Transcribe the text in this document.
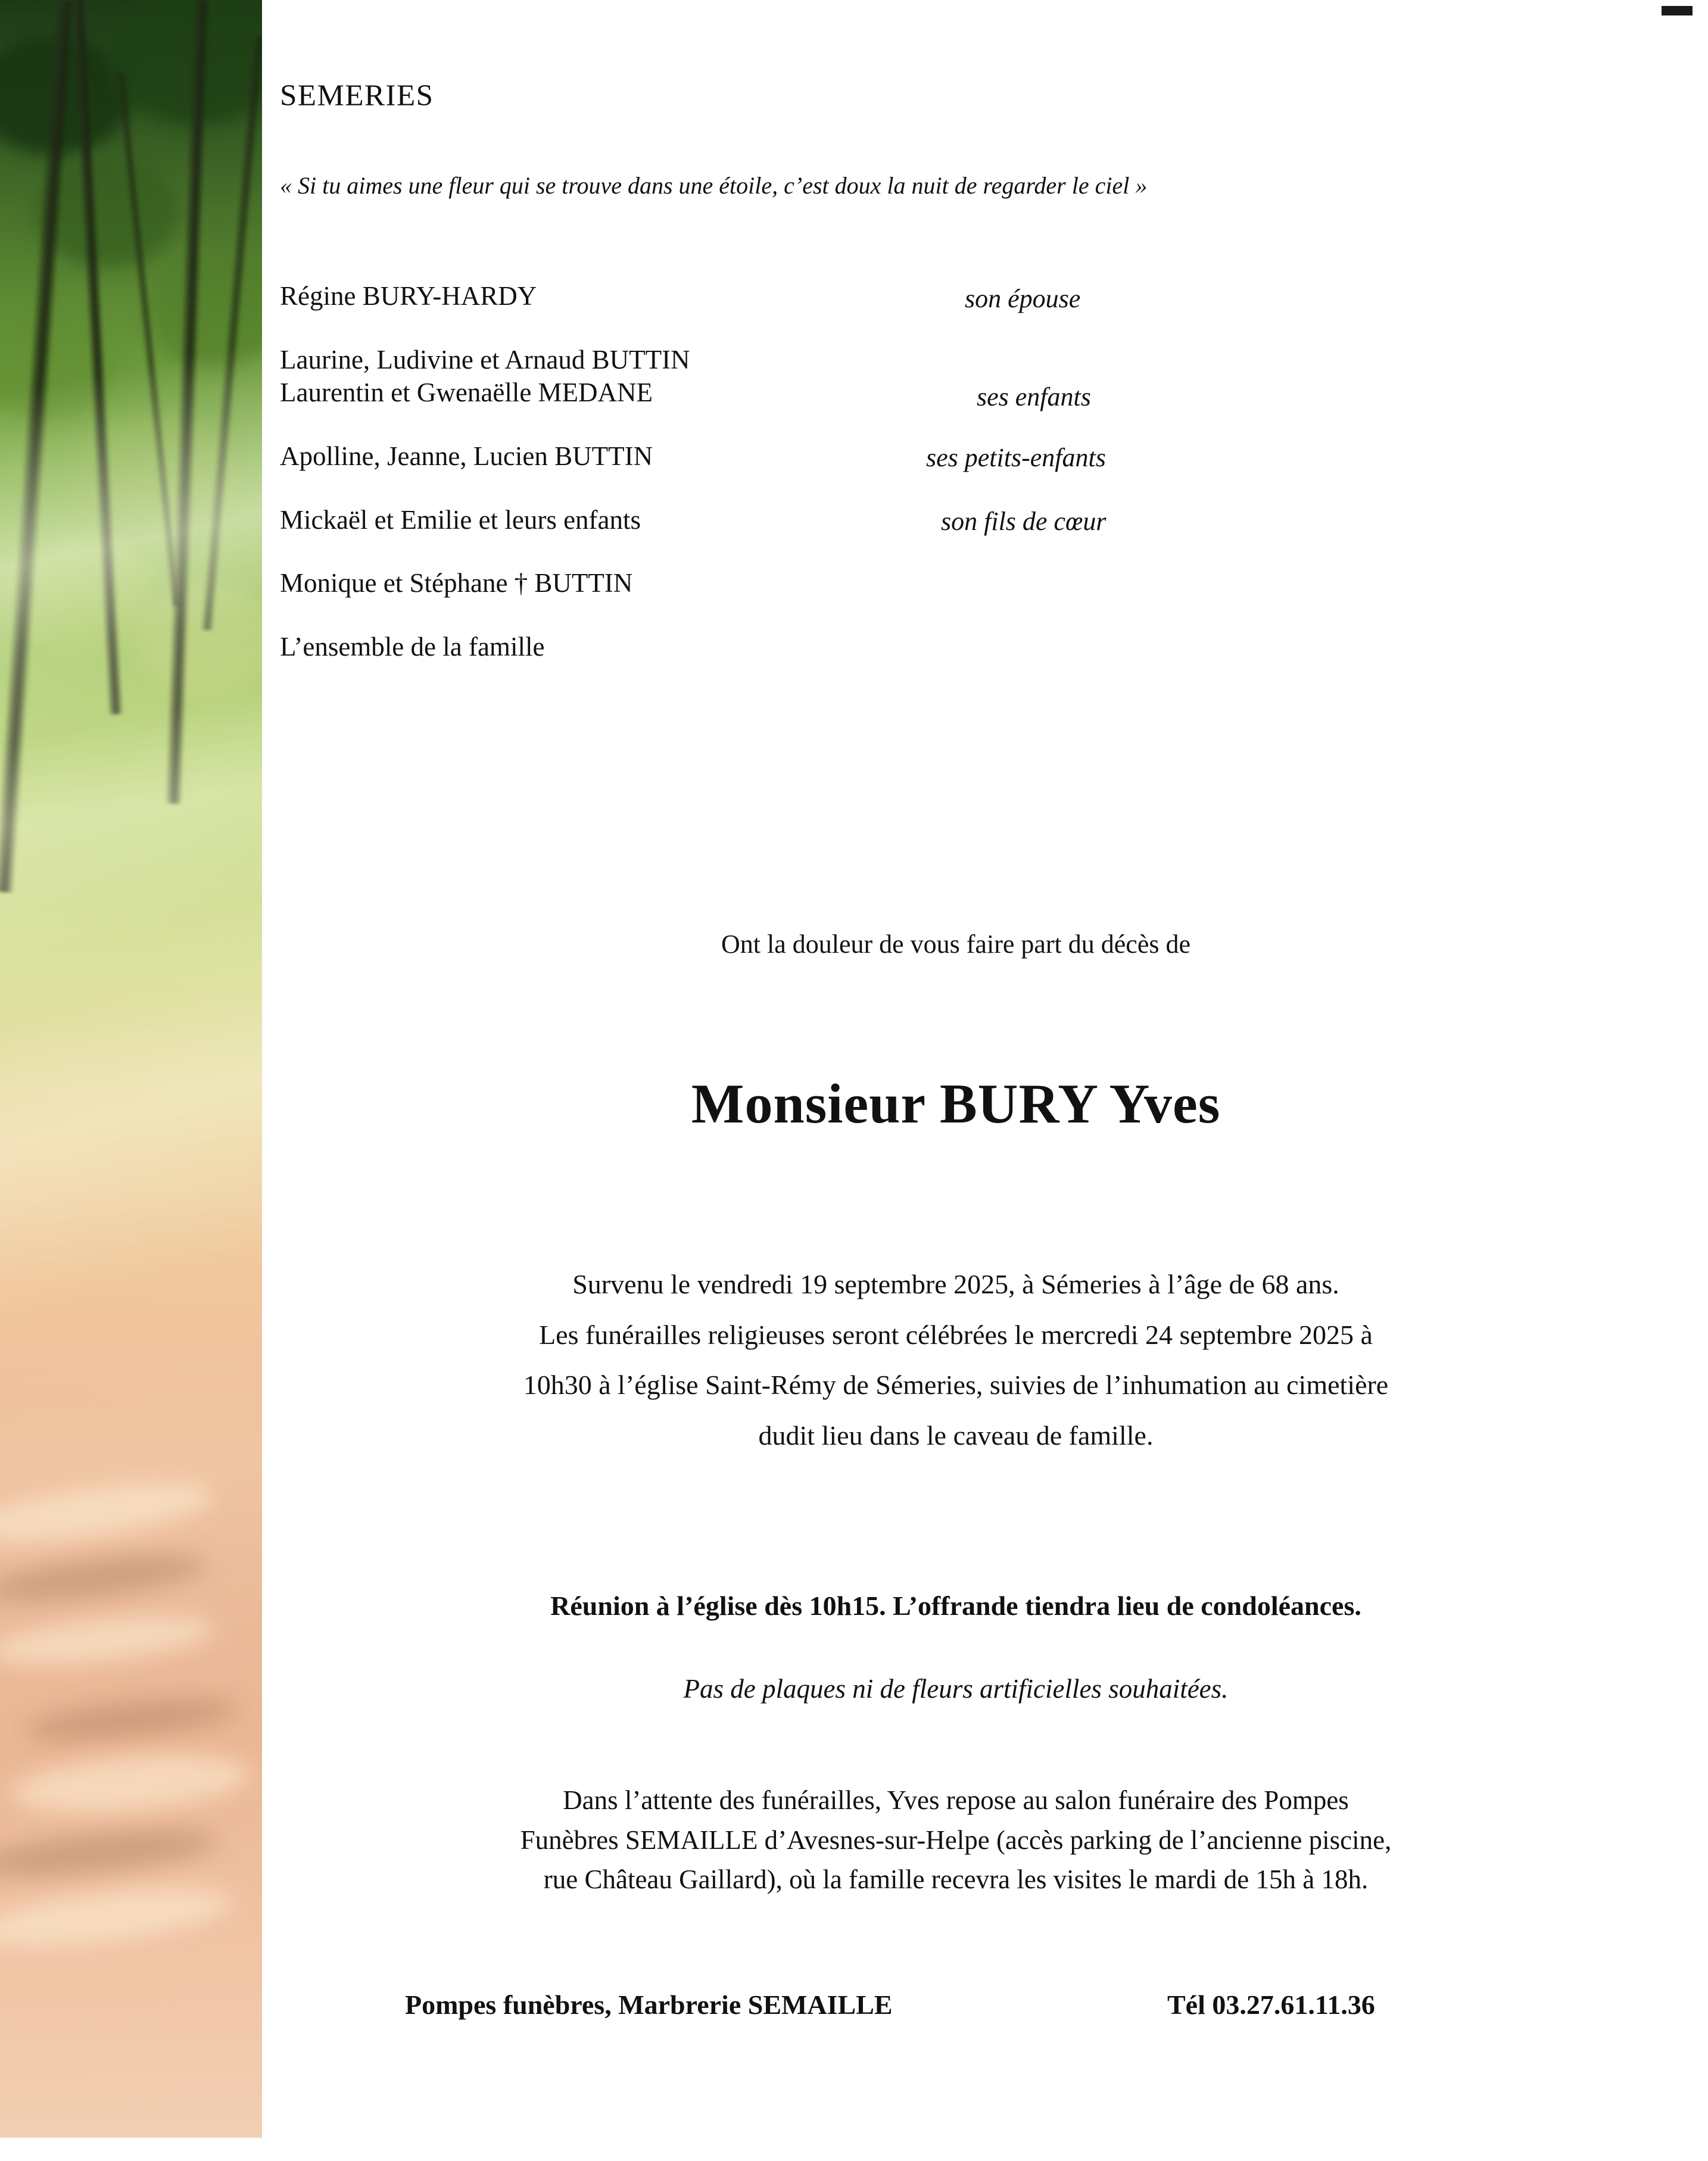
SEMERIES
« Si tu aimes une fleur qui se trouve dans une étoile, c’est doux la nuit de regarder le ciel »
Régine BURY-HARDY	son épouse
Laurine, Ludivine et Arnaud BUTTIN
Laurentin et Gwenaëlle MEDANE	ses enfants
Apolline, Jeanne, Lucien BUTTIN	ses petits-enfants
Mickaël et Emilie et leurs enfants	son fils de cœur
Monique et Stéphane † BUTTIN
L’ensemble de la famille
Ont la douleur de vous faire part du décès de
Monsieur BURY Yves

Survenu le vendredi 19 septembre 2025, à Sémeries à l’âge de 68 ans.

Les funérailles religieuses seront célébrées le mercredi 24 septembre 2025 à

10h30 à l’église Saint-Rémy de Sémeries, suivies de l’inhumation au cimetière

dudit lieu dans le caveau de famille.

Réunion à l’église dès 10h15. L’offrande tiendra lieu de condoléances.
Pas de plaques ni de fleurs artificielles souhaitées.

Dans l’attente des funérailles, Yves repose au salon funéraire des Pompes

Funèbres SEMAILLE d’Avesnes-sur-Helpe (accès parking de l’ancienne piscine,

rue Château Gaillard), où la famille recevra les visites le mardi de 15h à 18h.

Pompes funèbres, Marbrerie SEMAILLE	Tél 03.27.61.11.36
